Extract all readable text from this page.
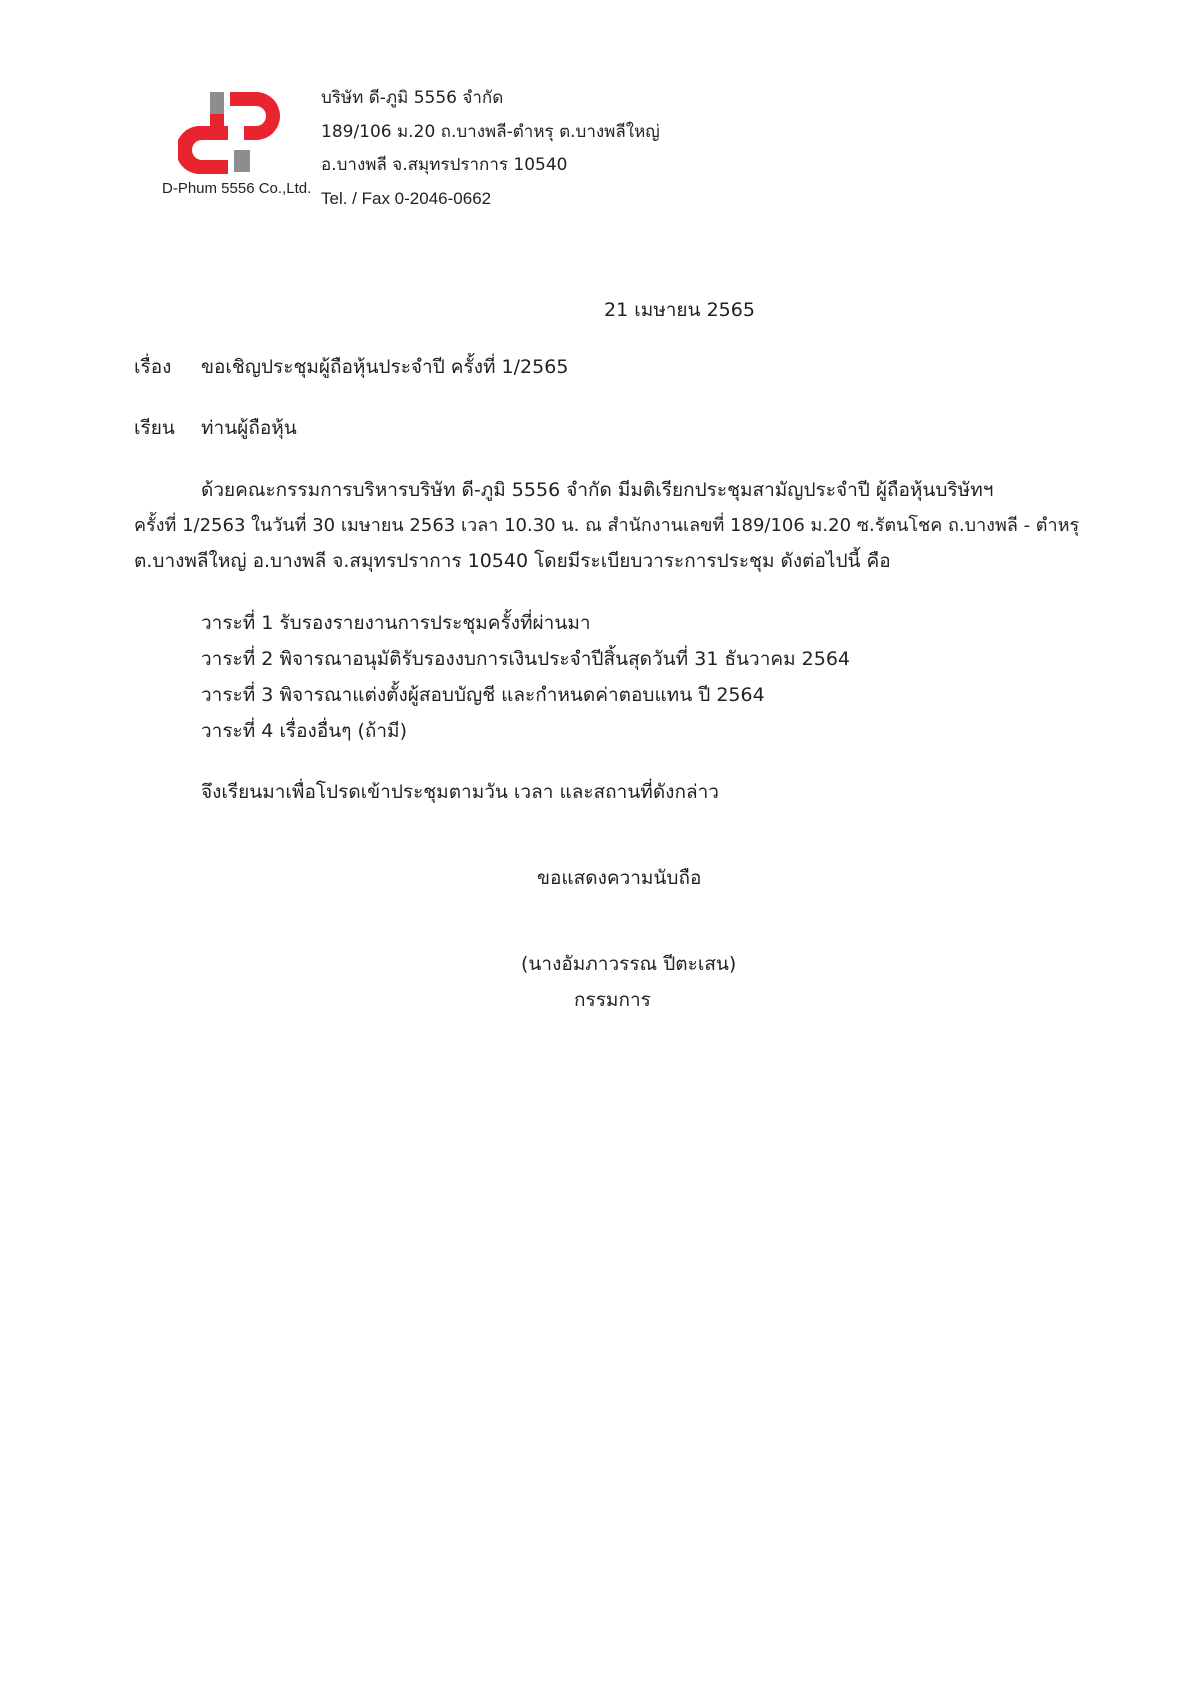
D-Phum 5556 Co.,Ltd.
บริษัท ดี-ภูมิ 5556 จำกัด
189/106 ม.20 ถ.บางพลี-ตำหรุ ต.บางพลีใหญ่
อ.บางพลี จ.สมุทรปราการ 10540
Tel. / Fax 0-2046-0662
21 เมษายน 2565
เรื่อง ขอเชิญประชุมผู้ถือหุ้นประจำปี ครั้งที่ 1/2565
เรียน ท่านผู้ถือหุ้น
ด้วยคณะกรรมการบริหารบริษัท ดี-ภูมิ 5556 จำกัด มีมติเรียกประชุมสามัญประจำปี ผู้ถือหุ้นบริษัทฯ
ครั้งที่ 1/2563 ในวันที่ 30 เมษายน 2563 เวลา 10.30 น. ณ สำนักงานเลขที่ 189/106 ม.20 ซ.รัตนโชค ถ.บางพลี - ตำหรุ
ต.บางพลีใหญ่ อ.บางพลี จ.สมุทรปราการ 10540 โดยมีระเบียบวาระการประชุม ดังต่อไปนี้ คือ
วาระที่ 1 รับรองรายงานการประชุมครั้งที่ผ่านมา
วาระที่ 2 พิจารณาอนุมัติรับรองงบการเงินประจำปีสิ้นสุดวันที่ 31 ธันวาคม 2564
วาระที่ 3 พิจารณาแต่งตั้งผู้สอบบัญชี และกำหนดค่าตอบแทน ปี 2564
วาระที่ 4 เรื่องอื่นๆ (ถ้ามี)
จึงเรียนมาเพื่อโปรดเข้าประชุมตามวัน เวลา และสถานที่ดังกล่าว
ขอแสดงความนับถือ
(นางอัมภาวรรณ ปีตะเสน)
กรรมการ
